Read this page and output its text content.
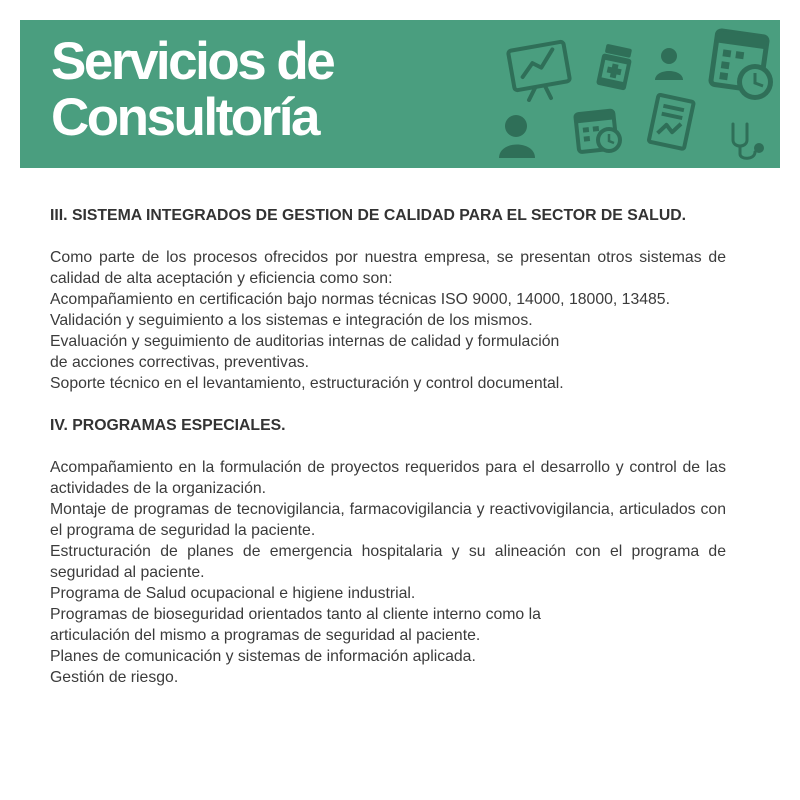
Servicios de
Consultoría
III. SISTEMA INTEGRADOS DE GESTION DE CALIDAD PARA EL SECTOR DE SALUD.

Como parte de los procesos ofrecidos por nuestra empresa, se presentan otros sistemas de calidad de alta aceptación y eficiencia como son:

Acompañamiento en certificación bajo normas técnicas ISO 9000, 14000, 18000, 13485.

Validación y seguimiento a los sistemas e integración de los mismos.

Evaluación y seguimiento de auditorias internas de calidad y formulación

de acciones correctivas, preventivas.

Soporte técnico en el levantamiento, estructuración y control documental.

IV. PROGRAMAS ESPECIALES.

Acompañamiento en la formulación de proyectos requeridos para el desarrollo y control de las actividades de la organización.

Montaje de programas de tecnovigilancia, farmacovigilancia y reactivovigilancia, articulados con el programa de seguridad la paciente.

Estructuración de planes de emergencia hospitalaria y su alineación con el programa de seguridad al paciente.

Programa de Salud ocupacional e higiene industrial.

Programas de bioseguridad orientados tanto al cliente interno como la

articulación del mismo a programas de seguridad al paciente.

Planes de comunicación y sistemas de información aplicada.

Gestión de riesgo.
